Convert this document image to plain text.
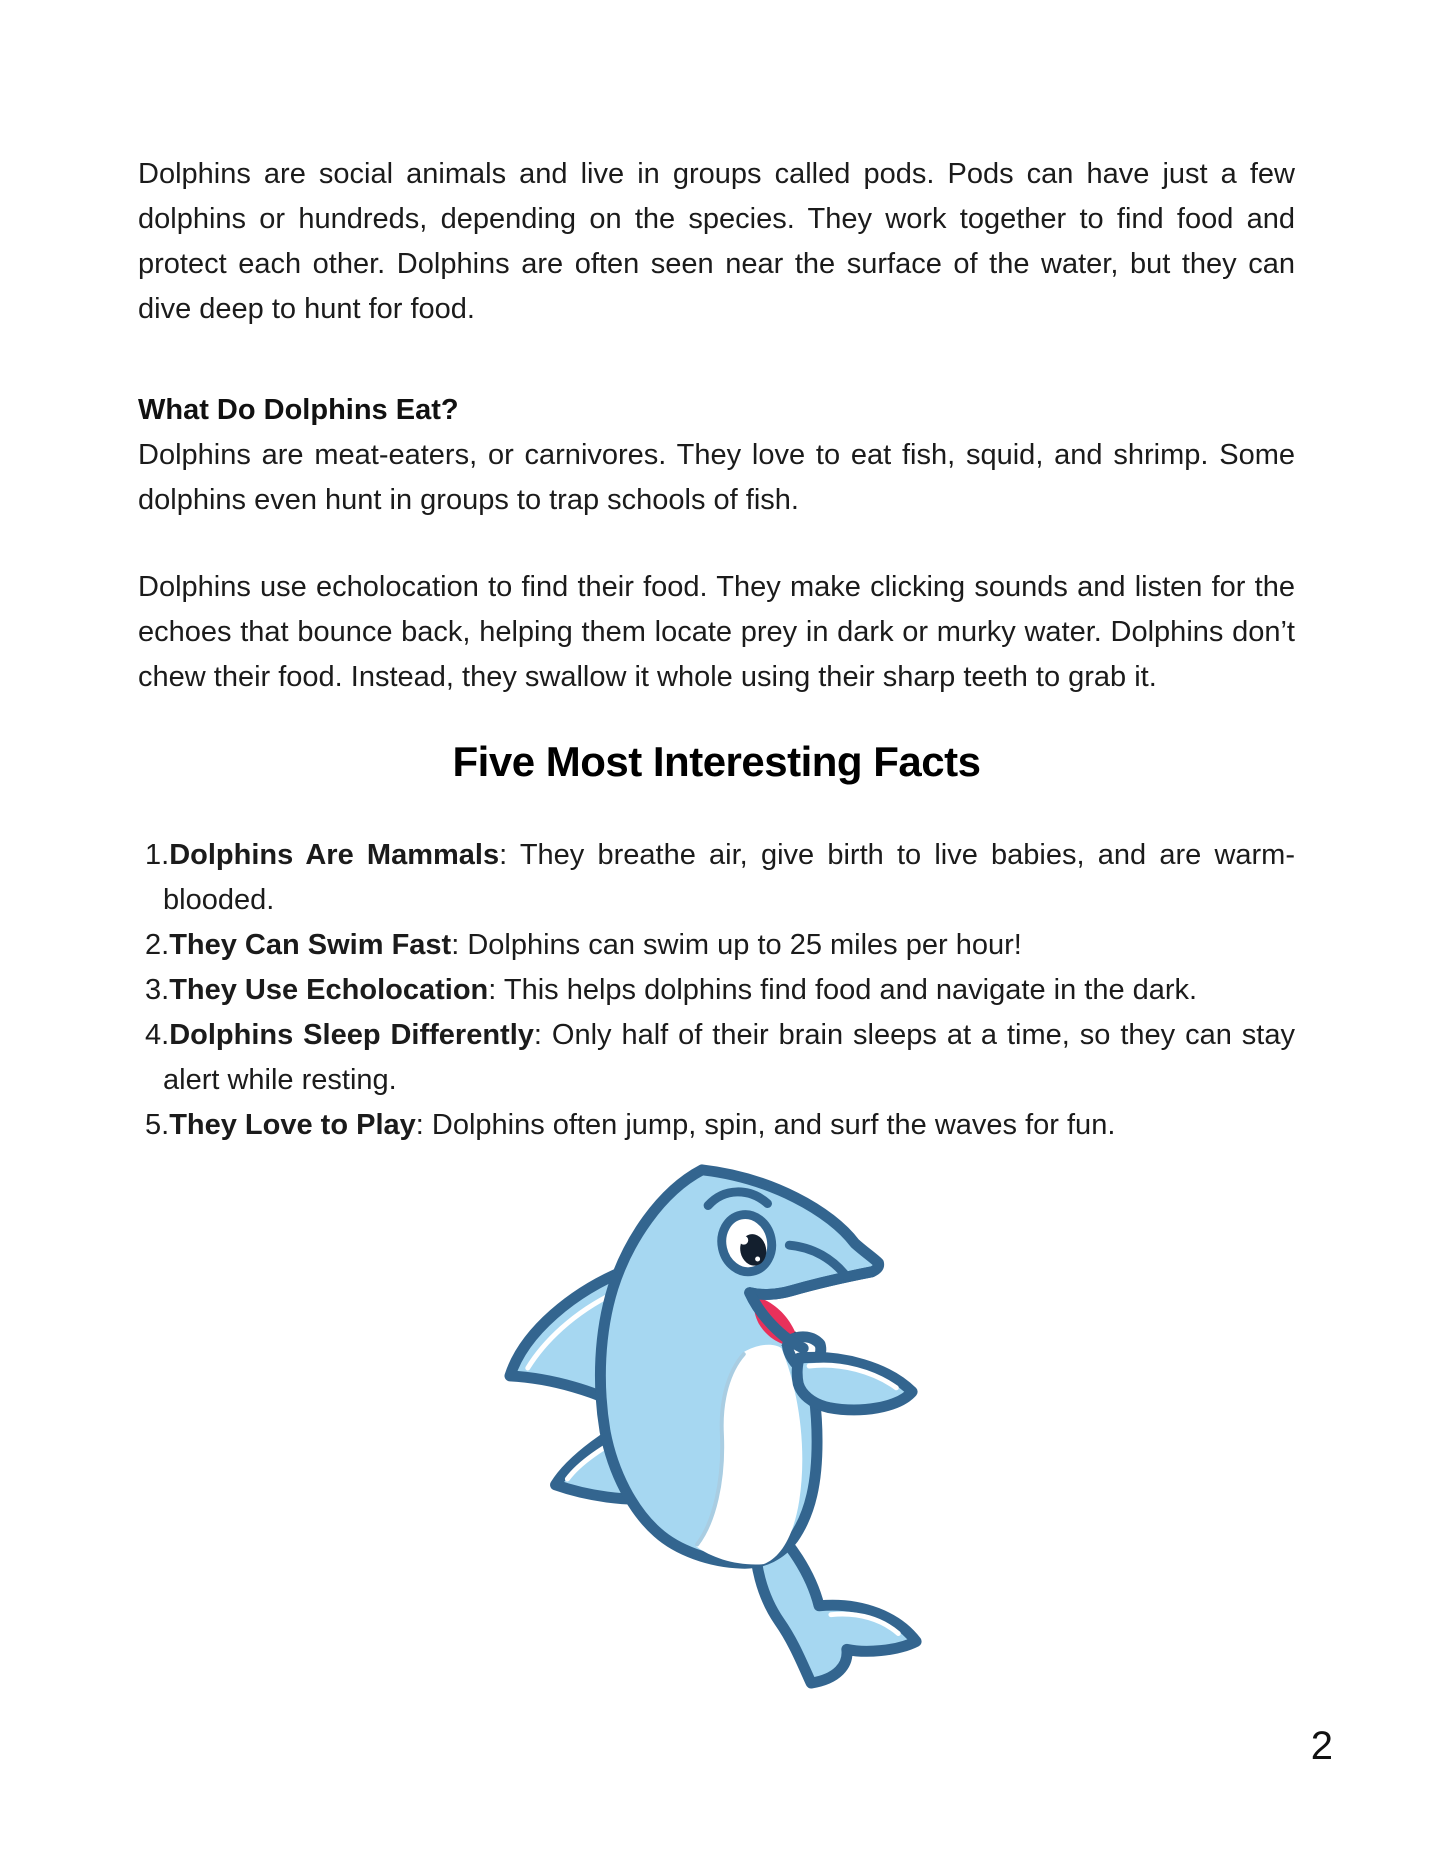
Dolphins are social animals and live in groups called pods. Pods can have just a few dolphins or hundreds, depending on the species. They work together to find food and protect each other. Dolphins are often seen near the surface of the water, but they can dive deep to hunt for food.

What Do Dolphins Eat?

Dolphins are meat-eaters, or carnivores. They love to eat fish, squid, and shrimp. Some dolphins even hunt in groups to trap schools of fish.

Dolphins use echolocation to find their food. They make clicking sounds and listen for the echoes that bounce back, helping them locate prey in dark or murky water. Dolphins don’t chew their food. Instead, they swallow it whole using their sharp teeth to grab it.

Five Most Interesting Facts
1.Dolphins Are Mammals: They breathe air, give birth to live babies, and are warm-blooded.
2.They Can Swim Fast: Dolphins can swim up to 25 miles per hour!
3.They Use Echolocation: This helps dolphins find food and navigate in the dark.
4.Dolphins Sleep Differently: Only half of their brain sleeps at a time, so they can stay alert while resting.
5.They Love to Play: Dolphins often jump, spin, and surf the waves for fun.
2
